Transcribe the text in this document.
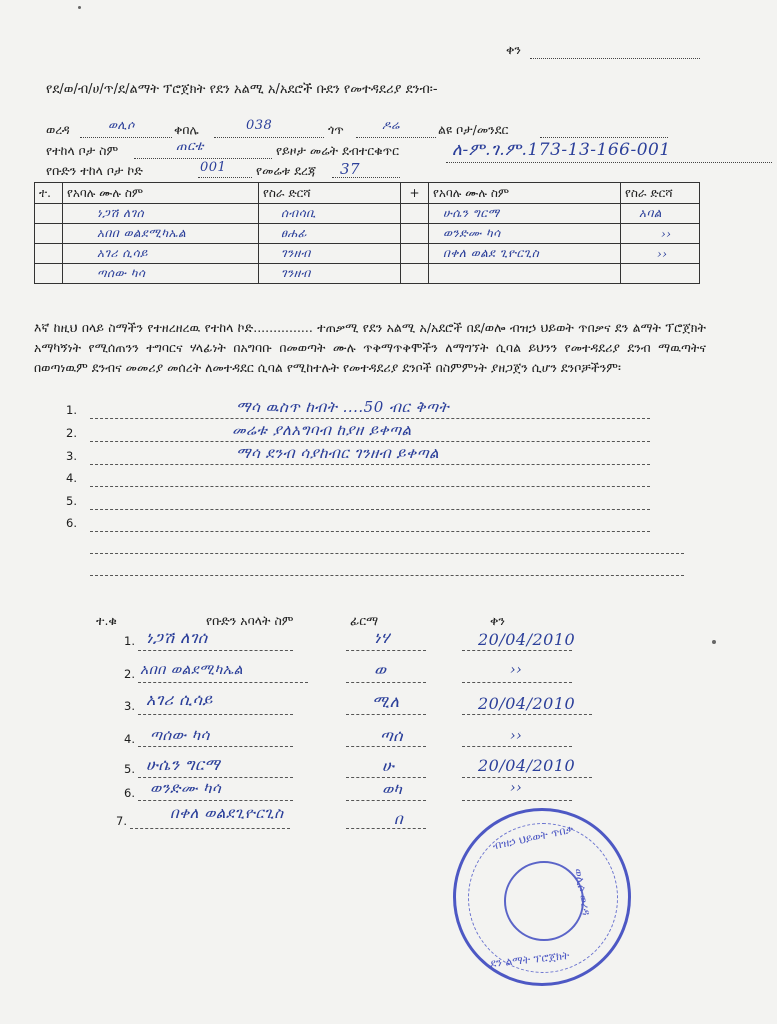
ቀን
የደ/ወ/ብ/ሀ/ጥ/ደ/ልማት ፕሮጀክት የደን አልሚ አ/አደሮች ቡደን የመተዳደሪያ ደንብ፡-
ወረዳ	ወሊሶ	ቀበሌ	038	ጎጥ	ዶሬ	ልዩ ቦታ/መንደር
የተከላ ቦታ ስም	ጠርቴ	የይዞታ መሬት ደብተርቁጥር	ለ-ም.ገ.ም.173-13-166-001
የቡድን ተከላ ቦታ ኮድ	001 የመሬቱ ደረጃ 37
ተ.	የአባሉ ሙሉ ስም	የስራ ድርሻ	+	የአባሉ ሙሉ ስም	የስራ ድርሻ
	ነጋሽ ለገሰ	ሰብሳቢ		ሁሴን ግርማ	አባል
	አበበ ወልደሚካኤል	ፀሐፊ		ወንድሙ ካሳ	››
	አገሪ ሲሳይ	ገንዘብ		በቀለ ወልደ ጊዮርጊስ	››
	ጣሰው ካሳ	ገንዘብ			
እኛ ከዚህ በላይ ስማችን የተዘረዘረዉ የተከላ ኮድ............... ተጠቃሚ የደን አልሚ አ/አደሮች በደ/ወሎ ብዝኃ ህይወት ጥበቃና ደን ልማት ፕሮጀክት አማካኝነት የሚሰጠንን ተግባርና ሃላፊነት በአግባቡ በመወጣት ሙሉ ጥቅማጥቅሞችን ለማግኘት ሲባል ይህንን የመተዳደሪያ ደንብ ማዉጣትና በወጣነዉም ደንብና መመሪያ መሰረት ለመተዳደር ሲባል የሚከተሉት የመተዳደሪያ ደንቦች በስምምነት ያዘጋጀን ሲሆን ደንቦቻችንም፡
1.	ማሳ ዉስጥ ከብት ....50 ብር ቅጣት
2.	መሬቱ ያለአግባብ ከያዘ ይቀጣል
3.	ማሳ ደንብ ሳያከብር ገንዘብ ይቀጣል
4.
5.
6.
ተ.ቁ	የቡድን አባላት ስም	ፊርማ	ቀን
1. ነጋሽ ለገሰ	ነሃ	20/04/2010
2. አበበ ወልደሚካኤል	ወ	››
3. አገሪ ሲሳይ	ሚለ	20/04/2010
4. ጣሰው ካሳ	ጣሰ	››
5. ሁሴን ግርማ	ሁ	20/04/2010
6. ወንድሙ ካሳ	ወካ	››
7.	በቀለ ወልደጊዮርጊስ	በ
ብዝኃ ህይወት ጥበቃ
ወሊሶ ወረዳ
ደን ልማት ፕሮጀክት
